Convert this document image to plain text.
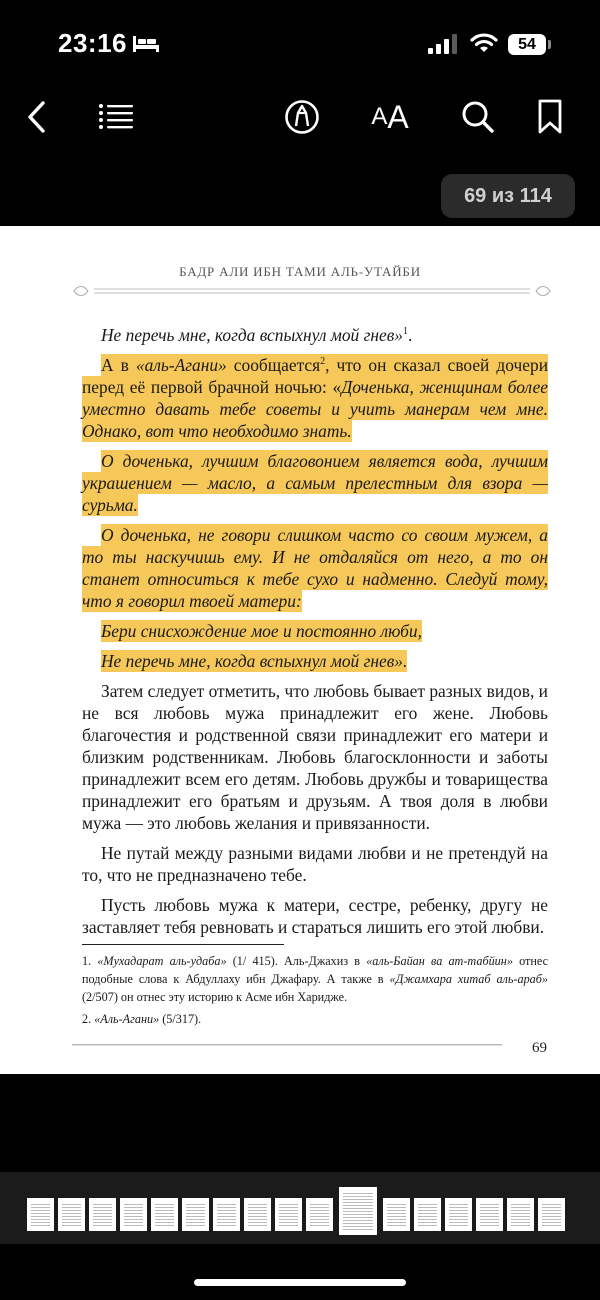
23:16	54
A A
69 из 114
БАДР АЛИ ИБН ТАМИ АЛЬ-УТАЙБИ

Не перечь мне, когда вспыхнул мой гнев»$^1$.

А в «аль-Агани» сообщается$^2$, что он сказал своей дочери перед её первой брачной ночью: «Доченька, женщинам более уместно давать тебе советы и учить манерам чем мне. Однако, вот что необходимо знать.

О доченька, лучшим благовонием является вода, лучшим украшением — масло, а самым прелестным для взора — сурьма.

О доченька, не говори слишком часто со своим мужем, а то ты наскучишь ему. И не отдаляйся от него, а то он станет относиться к тебе сухо и надменно. Следуй тому, что я говорил твоей матери:

Бери снисхождение мое и постоянно люби,

Не перечь мне, когда вспыхнул мой гнев».

Затем следует отметить, что любовь бывает разных видов, и не вся любовь мужа принадлежит его жене. Любовь благочестия и родственной связи принадлежит его матери и близким родственникам. Любовь благосклонности и заботы принадлежит всем его детям. Любовь дружбы и товарищества принадлежит его братьям и друзьям. А твоя доля в любви мужа — это любовь желания и привязанности.

Не путай между разными видами любви и не претендуй на то, что не предназначено тебе.

Пусть любовь мужа к матери, сестре, ребенку, другу не заставляет тебя ревновать и стараться лишить его этой любви.

1. «Мухадарат аль-удаба» (1/ 415). Аль-Джахиз в «аль-Байан ва ат-табйин» отнес подобные слова к Абдуллаху ибн Джафару. А также в «Джамхара хитаб аль-араб» (2/507) он отнес эту историю к Асме ибн Харидже.

2. «Аль-Агани» (5/317).

69
